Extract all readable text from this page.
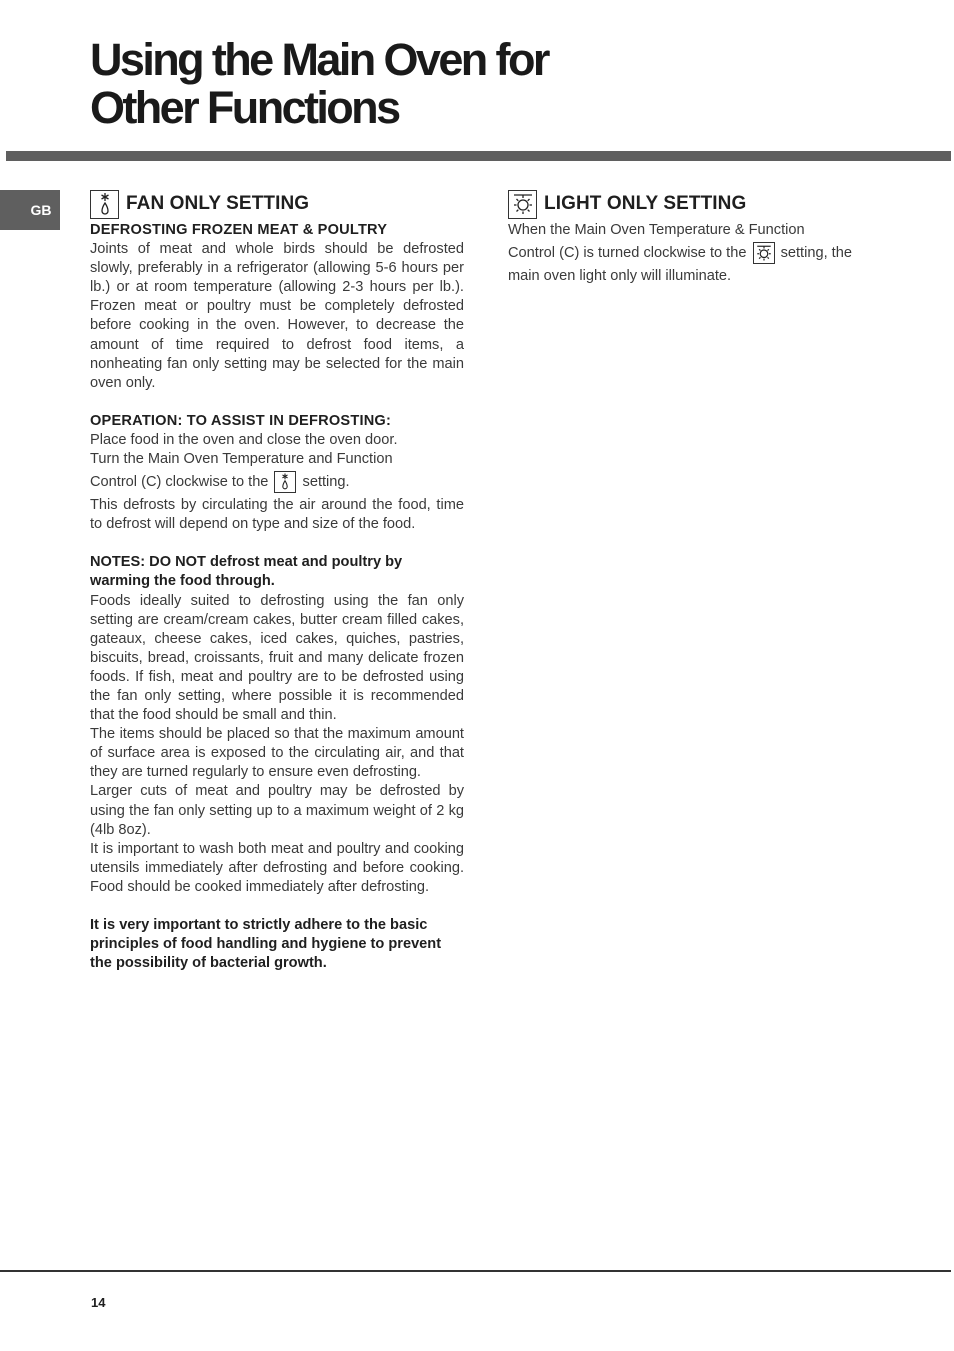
Using the Main Oven for
Other Functions
GB	FAN ONLY SETTING

DEFROSTING FROZEN MEAT & POULTRY

Joints of meat and whole birds should be defrosted slowly, preferably in a refrigerator (allowing 5-6 hours per lb.) or at room temperature (allowing 2-3 hours per lb.). Frozen meat or poultry must be completely defrosted before cooking in the oven. However, to decrease the amount of time required to defrost food items, a nonheating fan only setting may be selected for the main oven only.

OPERATION: TO ASSIST IN DEFROSTING:

Place food in the oven and close the oven door.

Turn the Main Oven Temperature and Function

Control (C) clockwise to the setting.

This defrosts by circulating the air around the food, time to defrost will depend on type and size of the food.

NOTES: DO NOT defrost meat and poultry by warming the food through.

Foods ideally suited to defrosting using the fan only setting are cream/cream cakes, butter cream filled cakes, gateaux, cheese cakes, iced cakes, quiches, pastries, biscuits, bread, croissants, fruit and many delicate frozen foods. If fish, meat and poultry are to be defrosted using the fan only setting, where possible it is recommended that the food should be small and thin.

The items should be placed so that the maximum amount of surface area is exposed to the circulating air, and that they are turned regularly to ensure even defrosting.

Larger cuts of meat and poultry may be defrosted by using the fan only setting up to a maximum weight of 2 kg (4lb 8oz).

It is important to wash both meat and poultry and cooking utensils immediately after defrosting and before cooking. Food should be cooked immediately after defrosting.

It is very important to strictly adhere to the basic principles of food handling and hygiene to prevent the possibility of bacterial growth.

LIGHT ONLY SETTING

When the Main Oven Temperature & Function

Control (C) is turned clockwise to the setting, the

main oven light only will illuminate.

14
